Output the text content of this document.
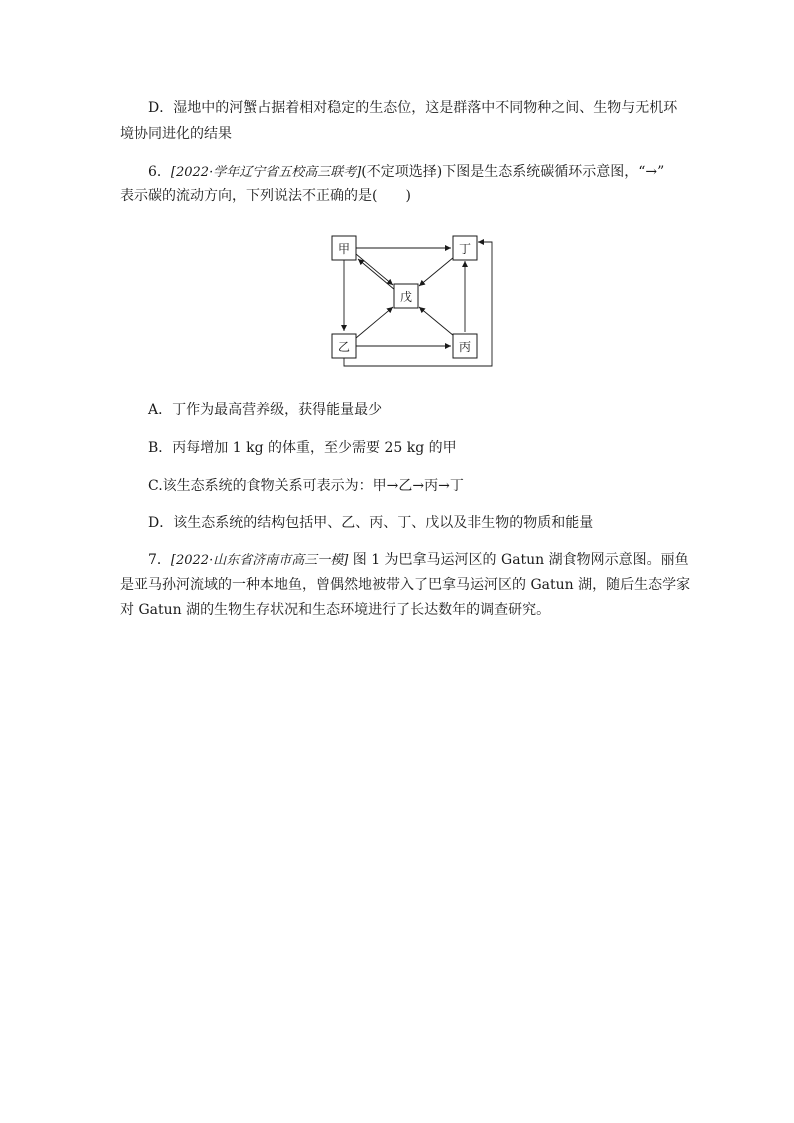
D．湿地中的河蟹占据着相对稳定的生态位，这是群落中不同物种之间、生物与无机环
境协同进化的结果
6．[2022·学年辽宁省五校高三联考](不定项选择)下图是生态系统碳循环示意图，“→”
表示碳的流动方向，下列说法不正确的是(　　)
甲	丁
戊
乙	丙
A．丁作为最高营养级，获得能量最少
B．丙每增加 1 kg 的体重，至少需要 25 kg 的甲
C.该生态系统的食物关系可表示为：甲→乙→丙→丁
D．该生态系统的结构包括甲、乙、丙、丁、戊以及非生物的物质和能量
7．[2022·山东省济南市高三一模] 图 1 为巴拿马运河区的 Gatun 湖食物网示意图。丽鱼
是亚马孙河流域的一种本地鱼，曾偶然地被带入了巴拿马运河区的 Gatun 湖，随后生态学家
对 Gatun 湖的生物生存状况和生态环境进行了长达数年的调查研究。
